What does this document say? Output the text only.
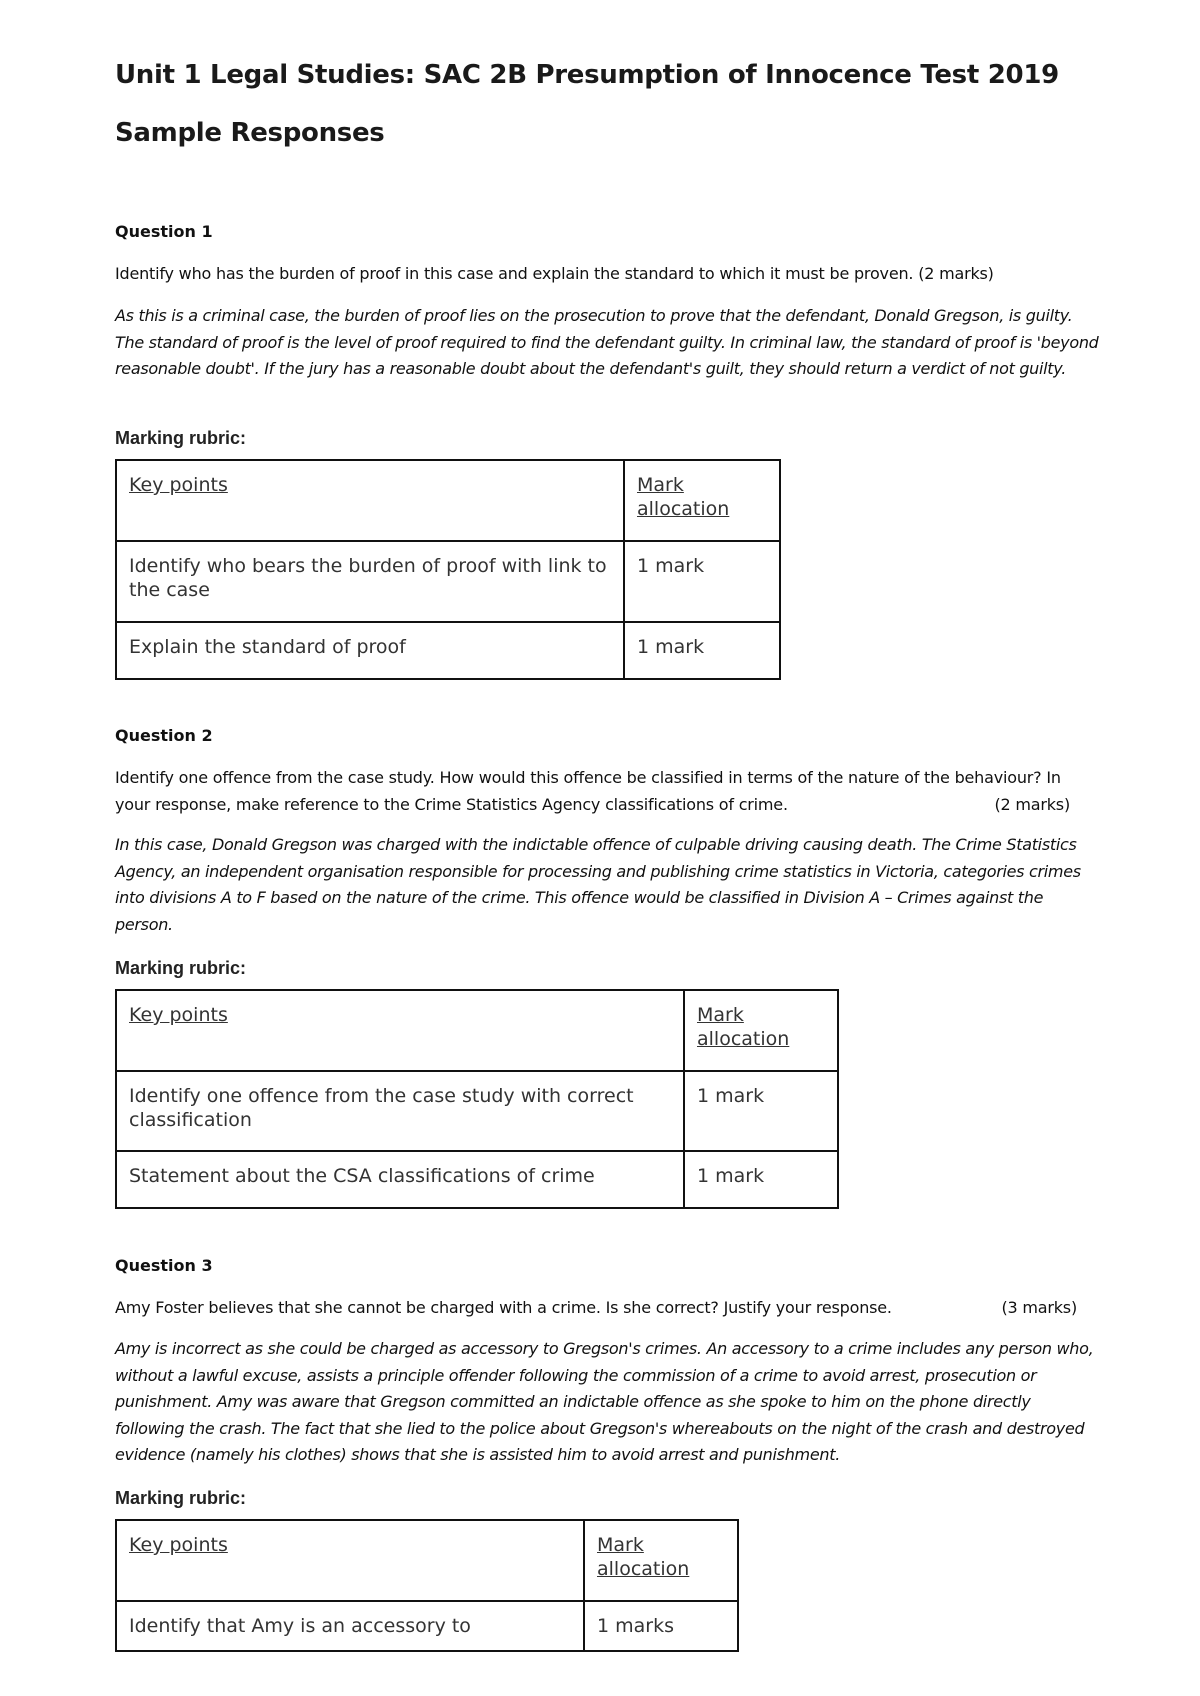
Unit 1 Legal Studies: SAC 2B Presumption of Innocence Test 2019
Sample Responses
Question 1
Identify who has the burden of proof in this case and explain the standard to which it must be proven. (2 marks)
As this is a criminal case, the burden of proof lies on the prosecution to prove that the defendant, Donald Gregson, is guilty. The standard of proof is the level of proof required to find the defendant guilty. In criminal law, the standard of proof is 'beyond reasonable doubt'. If the jury has a reasonable doubt about the defendant's guilt, they should return a verdict of not guilty.
Marking rubric:
Key points	Mark allocation
Identify who bears the burden of proof with link to the case	1 mark
Explain the standard of proof	1 mark
Question 2
Identify one offence from the case study. How would this offence be classified in terms of the nature of the behaviour? In your response, make reference to the Crime Statistics Agency classifications of crime.	(2 marks)
In this case, Donald Gregson was charged with the indictable offence of culpable driving causing death. The Crime Statistics Agency, an independent organisation responsible for processing and publishing crime statistics in Victoria, categories crimes into divisions A to F based on the nature of the crime. This offence would be classified in Division A – Crimes against the person.
Marking rubric:
Key points	Mark allocation
Identify one offence from the case study with correct classification	1 mark
Statement about the CSA classifications of crime	1 mark
Question 3
Amy Foster believes that she cannot be charged with a crime. Is she correct? Justify your response.	(3 marks)
Amy is incorrect as she could be charged as accessory to Gregson's crimes. An accessory to a crime includes any person who, without a lawful excuse, assists a principle offender following the commission of a crime to avoid arrest, prosecution or punishment. Amy was aware that Gregson committed an indictable offence as she spoke to him on the phone directly following the crash. The fact that she lied to the police about Gregson's whereabouts on the night of the crash and destroyed evidence (namely his clothes) shows that she is assisted him to avoid arrest and punishment.
Marking rubric:
Key points	Mark allocation
Identify that Amy is an accessory to	1 marks
